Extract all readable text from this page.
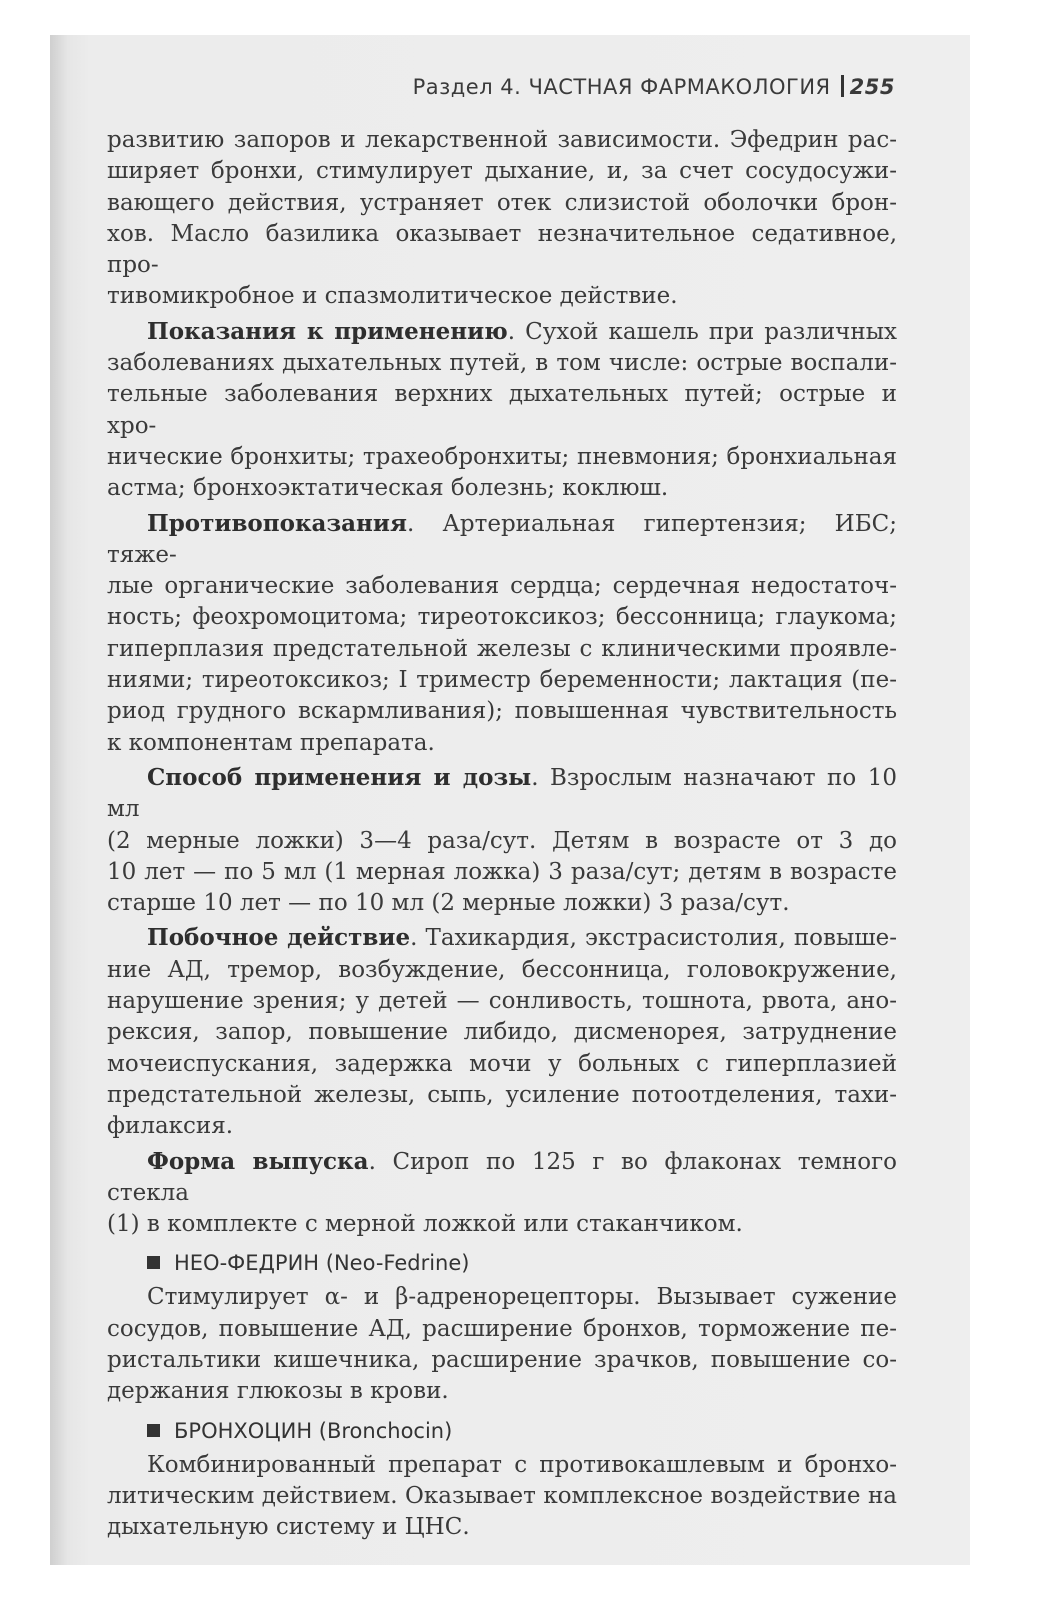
Раздел 4. ЧАСТНАЯ ФАРМАКОЛОГИЯ 255

развитию запоров и лекарственной зависимости. Эфедрин рас-

ширяет бронхи, стимулирует дыхание, и, за счет сосудосужи-

вающего действия, устраняет отек слизистой оболочки брон-

хов. Масло базилика оказывает незначительное седативное, про-

тивомикробное и спазмолитическое действие.

Показания к применению. Сухой кашель при различных

заболеваниях дыхательных путей, в том числе: острые воспали-

тельные заболевания верхних дыхательных путей; острые и хро-

нические бронхиты; трахеобронхиты; пневмония; бронхиальная

астма; бронхоэктатическая болезнь; коклюш.

Противопоказания. Артериальная гипертензия; ИБС; тяже-

лые органические заболевания сердца; сердечная недостаточ-

ность; феохромоцитома; тиреотоксикоз; бессонница; глаукома;

гиперплазия предстательной железы с клиническими проявле-

ниями; тиреотоксикоз; I триместр беременности; лактация (пе-

риод грудного вскармливания); повышенная чувствительность

к компонентам препарата.

Способ применения и дозы. Взрослым назначают по 10 мл

(2 мерные ложки) 3—4 раза/сут. Детям в возрасте от 3 до

10 лет — по 5 мл (1 мерная ложка) 3 раза/сут; детям в возрасте

старше 10 лет — по 10 мл (2 мерные ложки) 3 раза/сут.

Побочное действие. Тахикардия, экстрасистолия, повыше-

ние АД, тремор, возбуждение, бессонница, головокружение,

нарушение зрения; у детей — сонливость, тошнота, рвота, ано-

рексия, запор, повышение либидо, дисменорея, затруднение

мочеиспускания, задержка мочи у больных с гиперплазией

предстательной железы, сыпь, усиление потоотделения, тахи-

филаксия.

Форма выпуска. Сироп по 125 г во флаконах темного стекла

(1) в комплекте с мерной ложкой или стаканчиком.

НЕО-ФЕДРИН (Neo-Fedrine)

Стимулирует α- и β-адренорецепторы. Вызывает сужение

сосудов, повышение АД, расширение бронхов, торможение пе-

ристальтики кишечника, расширение зрачков, повышение со-

держания глюкозы в крови.

БРОНХОЦИН (Bronchocin)

Комбинированный препарат с противокашлевым и бронхо-

литическим действием. Оказывает комплексное воздействие на

дыхательную систему и ЦНС.
